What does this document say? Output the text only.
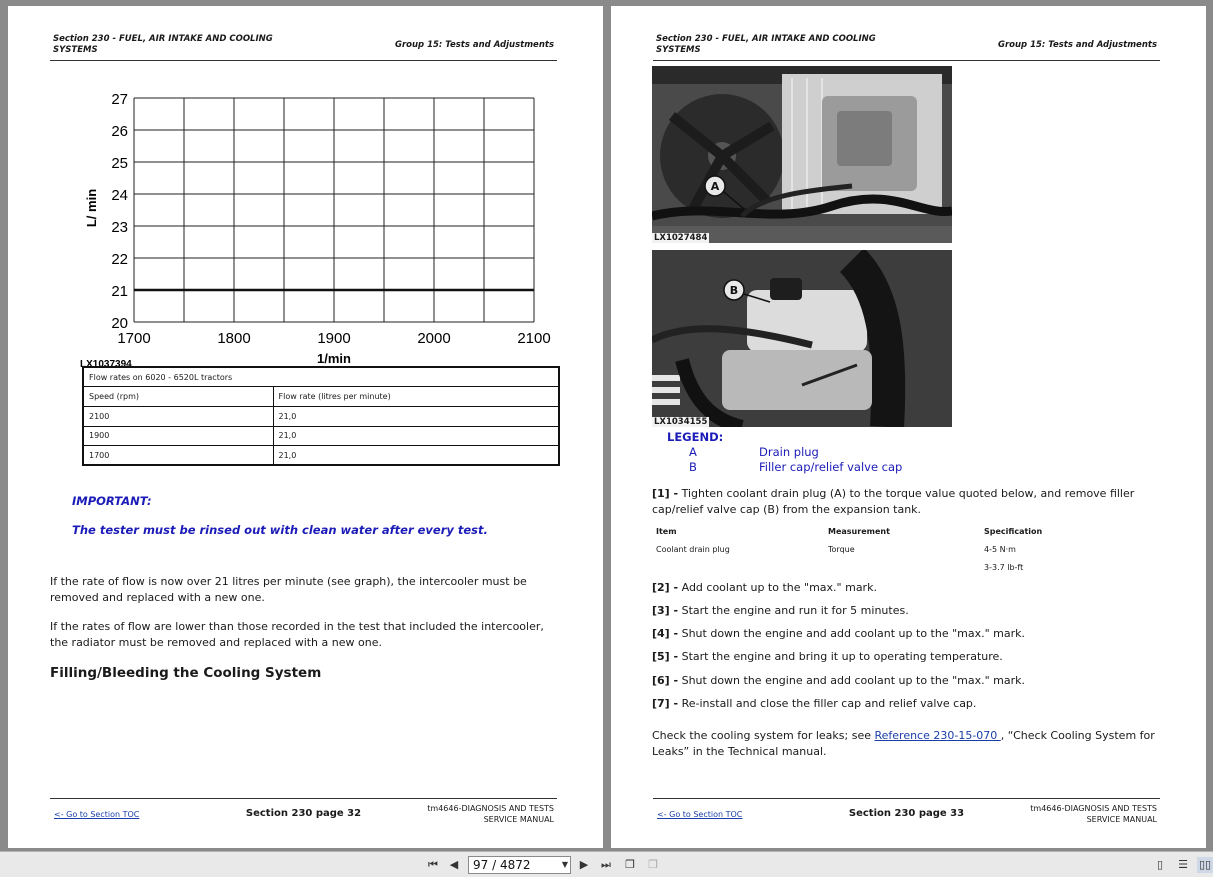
Section 230 - FUEL, AIR INTAKE AND COOLING SYSTEMS	Group 15: Tests and Adjustments
20
21
22
23
24
25
26
27
1700	1800	1900	2000	2100
1/min
L/ min
LX1037394
Flow rates on 6020 - 6520L tractors	
Speed (rpm)	Flow rate (litres per minute)
2100	21,0
1900	21,0
1700	21,0
IMPORTANT:
The tester must be rinsed out with clean water after every test.
If the rate of flow is now over 21 litres per minute (see graph), the intercooler must be removed and replaced with a new one.
If the rates of flow are lower than those recorded in the test that included the intercooler, the radiator must be removed and replaced with a new one.
Filling/Bleeding the Cooling System
<- Go to Section TOC	Section 230 page 32	tm4646-DIAGNOSIS AND TESTS
SERVICE MANUAL
Section 230 - FUEL, AIR INTAKE AND COOLING SYSTEMS	Group 15: Tests and Adjustments
A
LX1027484
B
LX1034155
LEGEND:
A	Drain plug
B	Filler cap/relief valve cap
[1] - Tighten coolant drain plug (A) to the torque value quoted below, and remove filler cap/relief valve cap (B) from the expansion tank.
Item	Measurement	Specification
Coolant drain plug	Torque	4-5 N·m
		3-3.7 lb-ft
[2] - Add coolant up to the "max." mark.
[3] - Start the engine and run it for 5 minutes.
[4] - Shut down the engine and add coolant up to the "max." mark.
[5] - Start the engine and bring it up to operating temperature.
[6] - Shut down the engine and add coolant up to the "max." mark.
[7] - Re-install and close the filler cap and relief valve cap.
Check the cooling system for leaks; see Reference 230-15-070 , “Check Cooling System for Leaks” in the Technical manual.
<- Go to Section TOC	Section 230 page 33	tm4646-DIAGNOSIS AND TESTS
SERVICE MANUAL
⏮	◀	97 / 4872	▼	▶	⏭ ❐ ❐	▯	☰ ▯▯
